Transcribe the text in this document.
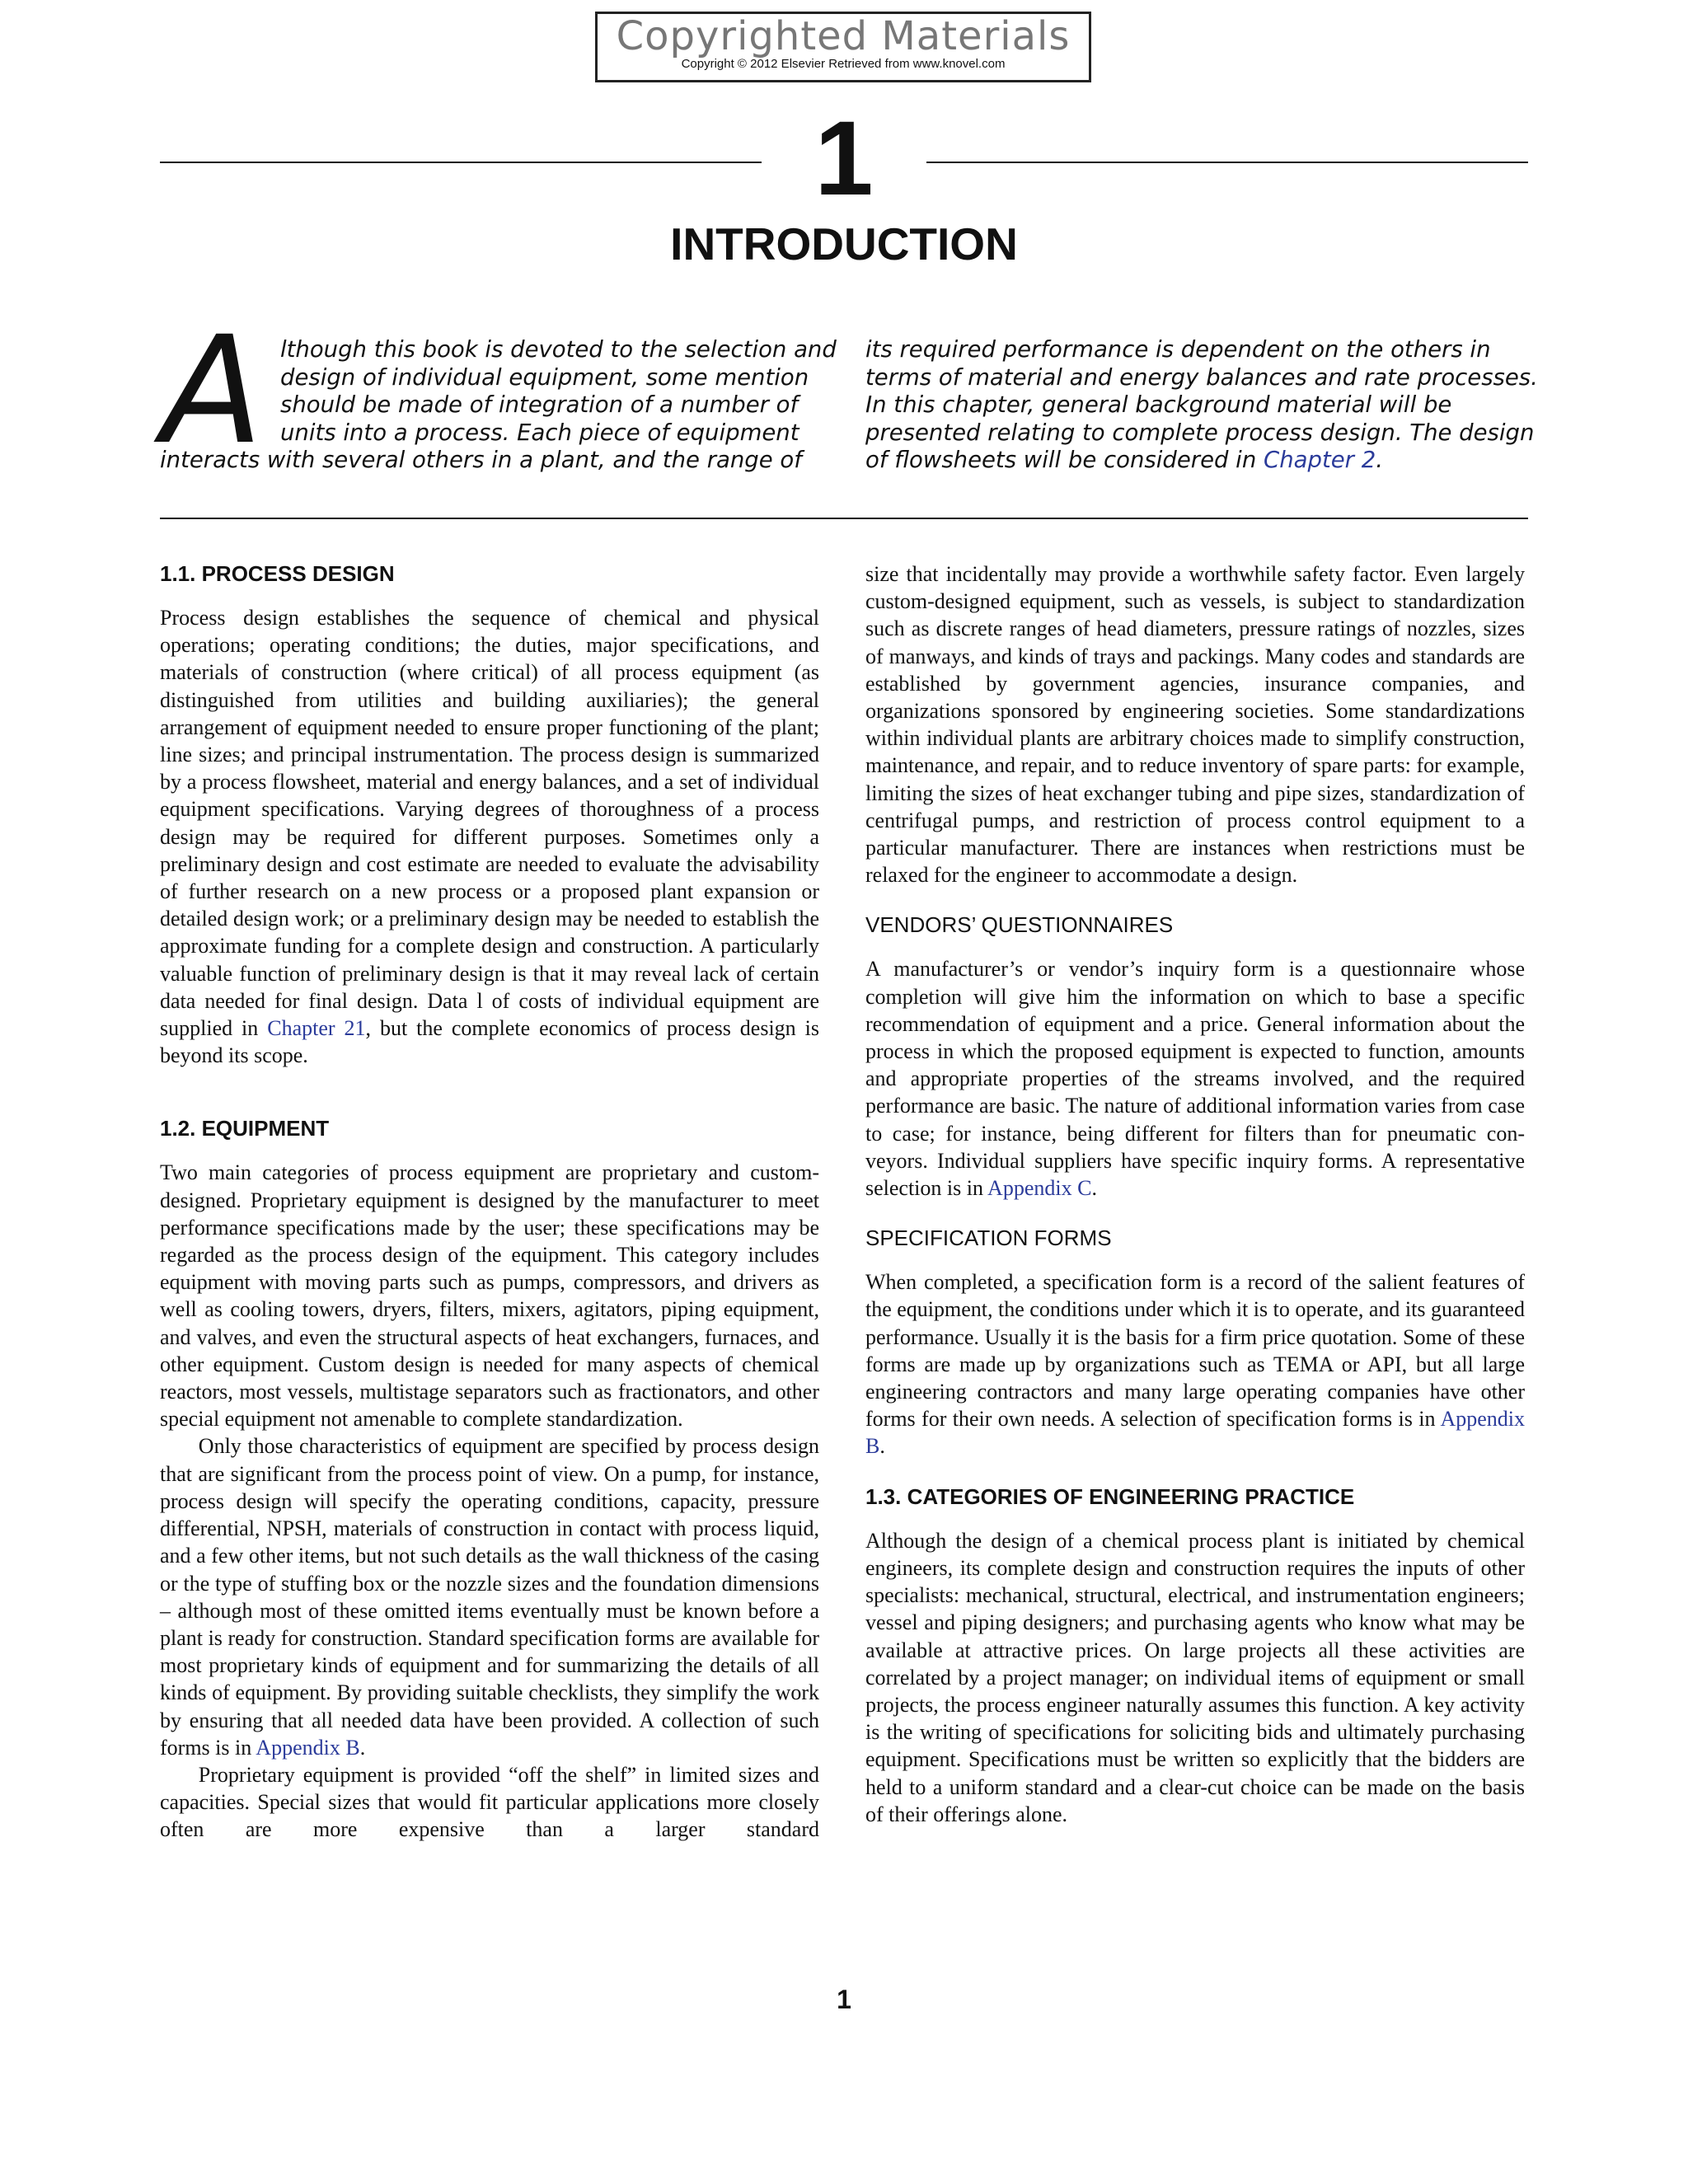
Copyrighted Materials
Copyright © 2012 Elsevier Retrieved from www.knovel.com
1
INTRODUCTION
A lthough this book is devoted to the selection and
design of individual equipment, some mention
should be made of integration of a number of
units into a process. Each piece of equipment
interacts with several others in a plant, and the range of
its required performance is dependent on the others in
terms of material and energy balances and rate processes.
In this chapter, general background material will be
presented relating to complete process design. The design
of flowsheets will be considered in Chapter 2.
1.1. PROCESS DESIGN

Process design establishes the sequence of chemical and physical operations; operating conditions; the duties, major specifications, and materials of construction (where critical) of all process equipment (as distinguished from utilities and building auxiliaries); the general arrangement of equipment needed to ensure proper functioning of the plant; line sizes; and principal instrumentation. The process design is summarized by a process flowsheet, material and energy balances, and a set of individual equipment specifications. Varying degrees of thoroughness of a process design may be required for different purposes. Sometimes only a preliminary design and cost estimate are needed to evaluate the advisability of further research on a new process or a proposed plant expansion or detailed design work; or a preliminary design may be needed to establish the approximate funding for a complete design and construction. A particularly valuable function of preliminary design is that it may reveal lack of certain data needed for final design. Data l of costs of individual equipment are supplied in Chapter 21, but the complete economics of process design is beyond its scope.

1.2. EQUIPMENT

Two main categories of process equipment are proprietary and custom-designed. Proprietary equipment is designed by the manufacturer to meet performance specifications made by the user; these specifications may be regarded as the process design of the equipment. This category includes equipment with moving parts such as pumps, compressors, and drivers as well as cooling towers, dryers, filters, mixers, agitators, piping equipment, and valves, and even the structural aspects of heat exchangers, furnaces, and other equipment. Custom design is needed for many aspects of chemical reactors, most vessels, multistage separators such as fractionators, and other special equipment not amenable to complete standardization.

Only those characteristics of equipment are specified by process design that are significant from the process point of view. On a pump, for instance, process design will specify the operating conditions, capacity, pressure differential, NPSH, materials of construction in contact with process liquid, and a few other items, but not such details as the wall thickness of the casing or the type of stuffing box or the nozzle sizes and the foundation dimensions – although most of these omitted items eventually must be known before a plant is ready for construction. Standard specification forms are available for most proprietary kinds of equipment and for summarizing the details of all kinds of equipment. By providing suitable checklists, they simplify the work by ensuring that all needed data have been provided. A collection of such forms is in Appendix B.

Proprietary equipment is provided “off the shelf” in limited sizes and capacities. Special sizes that would fit particular applications more closely often are more expensive than a larger standard

size that incidentally may provide a worthwhile safety factor. Even largely custom-designed equipment, such as vessels, is subject to standardization such as discrete ranges of head diameters, pressure ratings of nozzles, sizes of manways, and kinds of trays and packings. Many codes and standards are established by government agencies, insurance companies, and organizations sponsored by engineering societies. Some standardizations within individual plants are arbitrary choices made to simplify construction, maintenance, and repair, and to reduce inventory of spare parts: for example, limiting the sizes of heat exchanger tubing and pipe sizes, standardization of centrifugal pumps, and restriction of process control equipment to a particular manufacturer. There are instances when restrictions must be relaxed for the engineer to accommodate a design.

VENDORS’ QUESTIONNAIRES

A manufacturer’s or vendor’s inquiry form is a questionnaire whose completion will give him the information on which to base a specific recommendation of equipment and a price. General information about the process in which the proposed equipment is expected to function, amounts and appropriate properties of the streams involved, and the required performance are basic. The nature of additional information varies from case to case; for instance, being different for filters than for pneumatic conveyors. Individual suppliers have specific inquiry forms. A representative selection is in Appendix C.

SPECIFICATION FORMS

When completed, a specification form is a record of the salient features of the equipment, the conditions under which it is to operate, and its guaranteed performance. Usually it is the basis for a firm price quotation. Some of these forms are made up by organizations such as TEMA or API, but all large engineering contractors and many large operating companies have other forms for their own needs. A selection of specification forms is in Appendix B.

1.3. CATEGORIES OF ENGINEERING PRACTICE

Although the design of a chemical process plant is initiated by chemical engineers, its complete design and construction requires the inputs of other specialists: mechanical, structural, electrical, and instrumentation engineers; vessel and piping designers; and purchasing agents who know what may be available at attractive prices. On large projects all these activities are correlated by a project manager; on individual items of equipment or small projects, the process engineer naturally assumes this function. A key activity is the writing of specifications for soliciting bids and ultimately purchasing equipment. Specifications must be written so explicitly that the bidders are held to a uniform standard and a clear-cut choice can be made on the basis of their offerings alone.

1
